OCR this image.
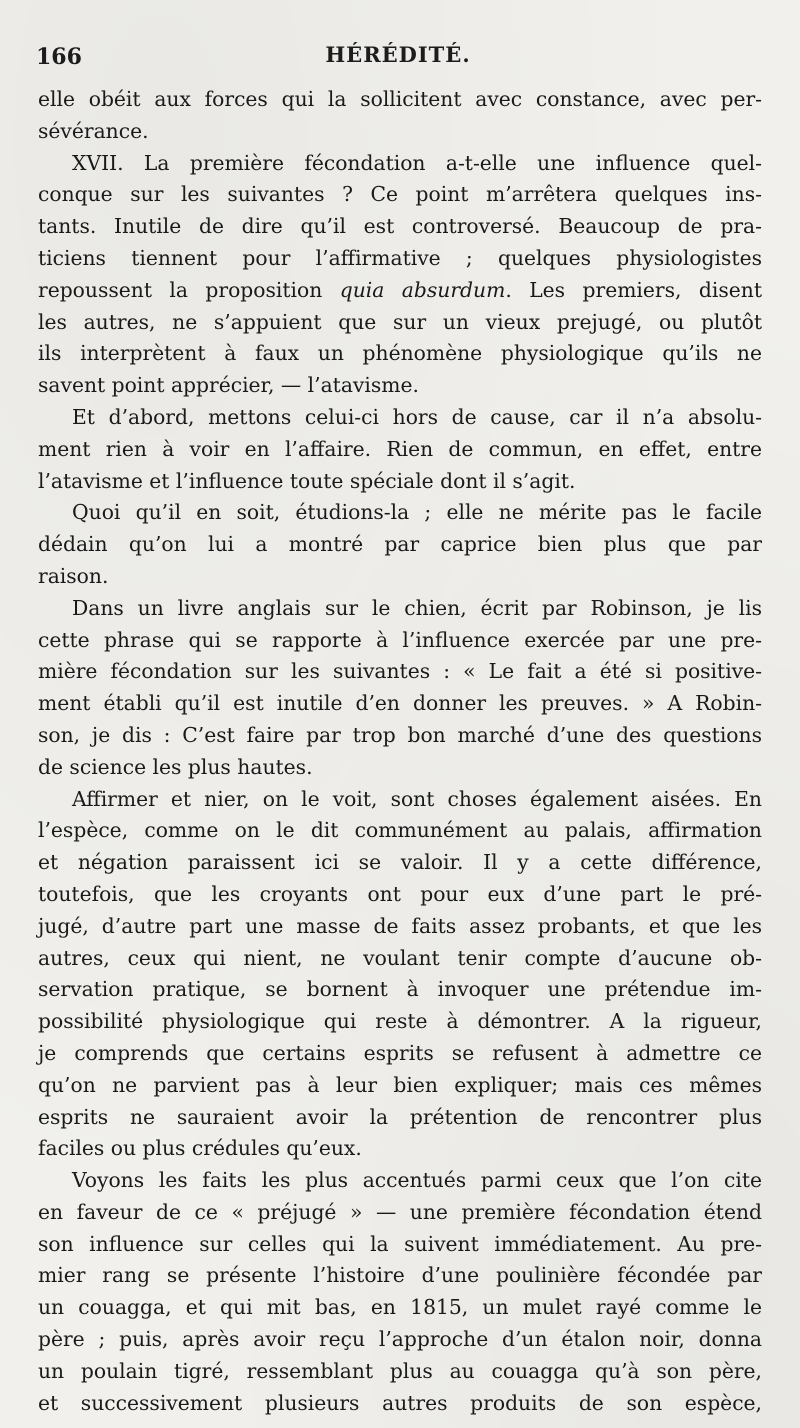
166	HÉRÉDITÉ.
elle obéit aux forces qui la sollicitent avec constance, avec per-
sévérance.
XVII. La première fécondation a-t-elle une influence quel-
conque sur les suivantes ? Ce point m’arrêtera quelques ins-
tants. Inutile de dire qu’il est controversé. Beaucoup de pra-
ticiens tiennent pour l’affirmative ; quelques physiologistes
repoussent la proposition quia absurdum. Les premiers, disent
les autres, ne s’appuient que sur un vieux prejugé, ou plutôt
ils interprètent à faux un phénomène physiologique qu’ils ne
savent point apprécier, — l’atavisme.
Et d’abord, mettons celui-ci hors de cause, car il n’a absolu-
ment rien à voir en l’affaire. Rien de commun, en effet, entre
l’atavisme et l’influence toute spéciale dont il s’agit.
Quoi qu’il en soit, étudions-la ; elle ne mérite pas le facile
dédain qu’on lui a montré par caprice bien plus que par
raison.
Dans un livre anglais sur le chien, écrit par Robinson, je lis
cette phrase qui se rapporte à l’influence exercée par une pre-
mière fécondation sur les suivantes : « Le fait a été si positive-
ment établi qu’il est inutile d’en donner les preuves. » A Robin-
son, je dis : C’est faire par trop bon marché d’une des questions
de science les plus hautes.
Affirmer et nier, on le voit, sont choses également aisées. En
l’espèce, comme on le dit communément au palais, affirmation
et négation paraissent ici se valoir. Il y a cette différence,
toutefois, que les croyants ont pour eux d’une part le pré-
jugé, d’autre part une masse de faits assez probants, et que les
autres, ceux qui nient, ne voulant tenir compte d’aucune ob-
servation pratique, se bornent à invoquer une prétendue im-
possibilité physiologique qui reste à démontrer. A la rigueur,
je comprends que certains esprits se refusent à admettre ce
qu’on ne parvient pas à leur bien expliquer; mais ces mêmes
esprits ne sauraient avoir la prétention de rencontrer plus
faciles ou plus crédules qu’eux.
Voyons les faits les plus accentués parmi ceux que l’on cite
en faveur de ce « préjugé » — une première fécondation étend
son influence sur celles qui la suivent immédiatement. Au pre-
mier rang se présente l’histoire d’une poulinière fécondée par
un couagga, et qui mit bas, en 1815, un mulet rayé comme le
père ; puis, après avoir reçu l’approche d’un étalon noir, donna
un poulain tigré, ressemblant plus au couagga qu’à son père,
et successivement plusieurs autres produits de son espèce,
